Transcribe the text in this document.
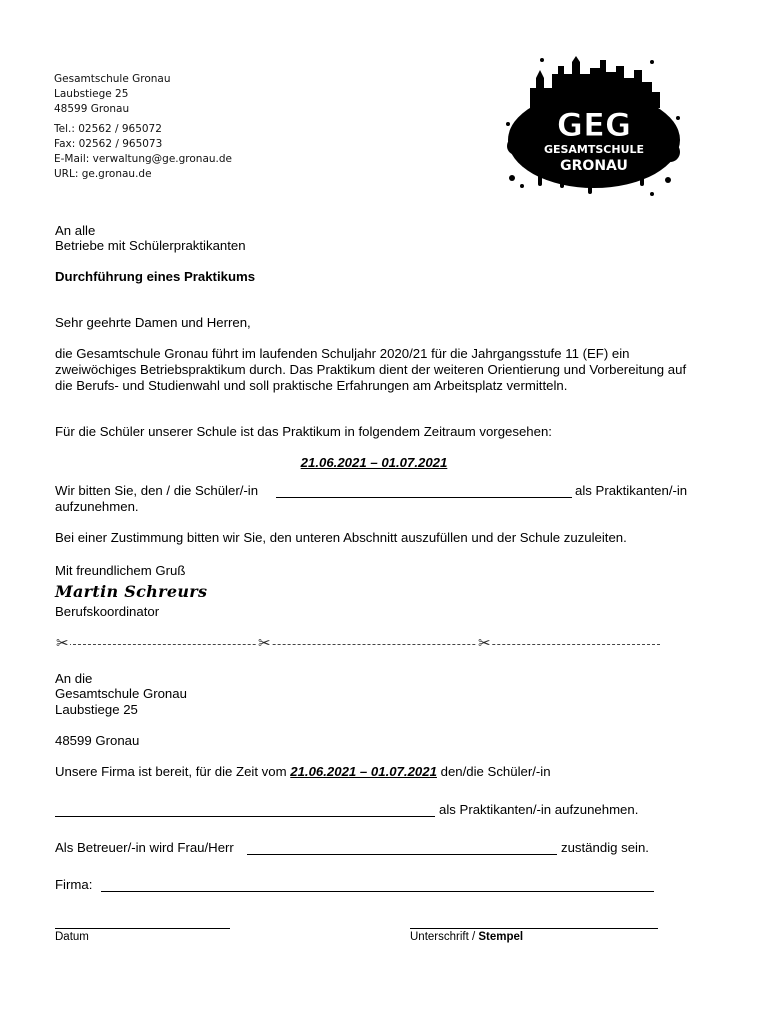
Gesamtschule Gronau
Laubstiege 25
48599 Gronau
Tel.: 02562 / 965072
Fax: 02562 / 965073
E-Mail: verwaltung@ge.gronau.de
URL: ge.gronau.de
GEG
GESAMTSCHULE
GRONAU
An alle
Betriebe mit Schülerpraktikanten
Durchführung eines Praktikums
Sehr geehrte Damen und Herren,
die Gesamtschule Gronau führt im laufenden Schuljahr 2020/21 für die Jahrgangsstufe 11 (EF) ein zweiwöchiges Betriebspraktikum durch. Das Praktikum dient der weiteren Orientierung und Vorbereitung auf die Berufs- und Studienwahl und soll praktische Erfahrungen am Arbeitsplatz vermitteln.
Für die Schüler unserer Schule ist das Praktikum in folgendem Zeitraum vorgesehen:
21.06.2021 – 01.07.2021
Wir bitten Sie, den / die Schüler/-in	als Praktikanten/-in
aufzunehmen.
Bei einer Zustimmung bitten wir Sie, den unteren Abschnitt auszufüllen und der Schule zuzuleiten.
Mit freundlichem Gruß
Martin Schreurs
Berufskoordinator
✂	✂	✂
An die
Gesamtschule Gronau
Laubstiege 25
48599 Gronau
Unsere Firma ist bereit, für die Zeit vom 21.06.2021 – 01.07.2021 den/die Schüler/-in
als Praktikanten/-in aufzunehmen.
Als Betreuer/-in wird Frau/Herr	zuständig sein.
Firma:
Datum	Unterschrift / Stempel
